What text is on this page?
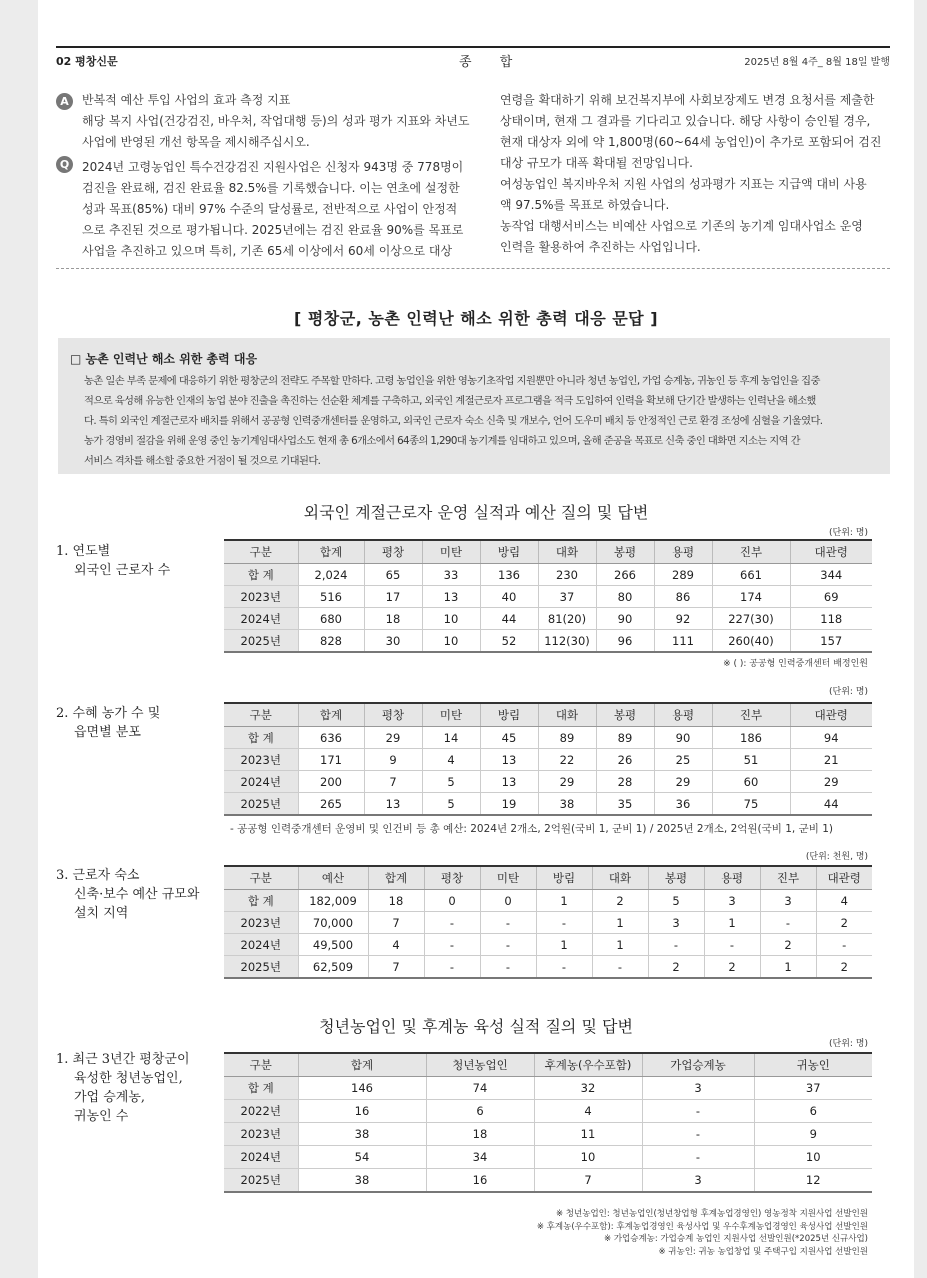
02 평창신문	종 합	2025년 8월 4주_ 8월 18일 발행
A
Q
반복적 예산 투입 사업의 효과 측정 지표
해당 복지 사업(건강검진, 바우처, 작업대행 등)의 성과 평가 지표와 차년도
사업에 반영된 개선 항목을 제시해주십시오.
2024년 고령농업인 특수건강검진 지원사업은 신청자 943명 중 778명이
검진을 완료해, 검진 완료율 82.5%를 기록했습니다. 이는 연초에 설정한
성과 목표(85%) 대비 97% 수준의 달성률로, 전반적으로 사업이 안정적
으로 추진된 것으로 평가됩니다. 2025년에는 검진 완료율 90%를 목표로
사업을 추진하고 있으며 특히, 기존 65세 이상에서 60세 이상으로 대상
연령을 확대하기 위해 보건복지부에 사회보장제도 변경 요청서를 제출한
상태이며, 현재 그 결과를 기다리고 있습니다. 해당 사항이 승인될 경우,
현재 대상자 외에 약 1,800명(60~64세 농업인)이 추가로 포함되어 검진
대상 규모가 대폭 확대될 전망입니다.
여성농업인 복지바우처 지원 사업의 성과평가 지표는 지급액 대비 사용
액 97.5%를 목표로 하였습니다.
농작업 대행서비스는 비예산 사업으로 기존의 농기계 임대사업소 운영
인력을 활용하여 추진하는 사업입니다.
[ 평창군, 농촌 인력난 해소 위한 총력 대응 문답 ]
□ 농촌 인력난 해소 위한 총력 대응
농촌 일손 부족 문제에 대응하기 위한 평창군의 전략도 주목할 만하다. 고령 농업인을 위한 영농기초작업 지원뿐만 아니라 청년 농업인, 가업 승계농, 귀농인 등 후계 농업인을 집중
적으로 육성해 유능한 인재의 농업 분야 진출을 촉진하는 선순환 체계를 구축하고, 외국인 계절근로자 프로그램을 적극 도입하여 인력을 확보해 단기간 발생하는 인력난을 해소했
다. 특히 외국인 계절근로자 배치를 위해서 공공형 인력중개센터를 운영하고, 외국인 근로자 숙소 신축 및 개보수, 언어 도우미 배치 등 안정적인 근로 환경 조성에 심혈을 기울였다.
농가 경영비 절감을 위해 운영 중인 농기계임대사업소도 현재 총 6개소에서 64종의 1,290대 농기계를 임대하고 있으며, 올해 준공을 목표로 신축 중인 대화면 지소는 지역 간
서비스 격차를 해소할 중요한 거점이 될 것으로 기대된다.
외국인 계절근로자 운영 실적과 예산 질의 및 답변
1. 연도별
외국인 근로자 수
(단위: 명)
구분	합계	평창	미탄	방림	대화	봉평	용평	진부	대관령
합 계	2,024	65	33	136	230	266	289	661	344
2023년	516	17	13	40	37	80	86	174	69
2024년	680	18	10	44	81(20)	90	92	227(30)	118
2025년	828	30	10	52	112(30)	96	111	260(40)	157
※ ( ): 공공형 인력중개센터 배정인원
(단위: 명)
2. 수혜 농가 수 및
읍면별 분포
구분	합계	평창	미탄	방림	대화	봉평	용평	진부	대관령
합 계	636	29	14	45	89	89	90	186	94
2023년	171	9	4	13	22	26	25	51	21
2024년	200	7	5	13	29	28	29	60	29
2025년	265	13	5	19	38	35	36	75	44
- 공공형 인력중개센터 운영비 및 인건비 등 총 예산: 2024년 2개소, 2억원(국비 1, 군비 1) / 2025년 2개소, 2억원(국비 1, 군비 1)
(단위: 천원, 명)
3. 근로자 숙소
신축·보수 예산 규모와
설치 지역
구분	예산	합계	평창	미탄	방림	대화	봉평	용평	진부	대관령
합 계	182,009	18	0	0	1	2	5	3	3	4
2023년	70,000	7	-	-	-	1	3	1	-	2
2024년	49,500	4	-	-	1	1	-	-	2	-
2025년	62,509	7	-	-	-	-	2	2	1	2
청년농업인 및 후계농 육성 실적 질의 및 답변
(단위: 명)
1. 최근 3년간 평창군이
육성한 청년농업인,
가업 승계농,
귀농인 수
구분	합계	청년농업인	후계농(우수포함)	가업승계농	귀농인
합 계	146	74	32	3	37
2022년	16	6	4	-	6
2023년	38	18	11	-	9
2024년	54	34	10	-	10
2025년	38	16	7	3	12
※ 청년농업인: 청년농업인(청년창업형 후계농업경영인) 영농정착 지원사업 선발인원
※ 후계농(우수포함): 후계농업경영인 육성사업 및 우수후계농업경영인 육성사업 선발인원
※ 가업승계농: 가업승계 농업인 지원사업 선발인원(*2025년 신규사업)
※ 귀농인: 귀농 농업창업 및 주택구입 지원사업 선발인원
